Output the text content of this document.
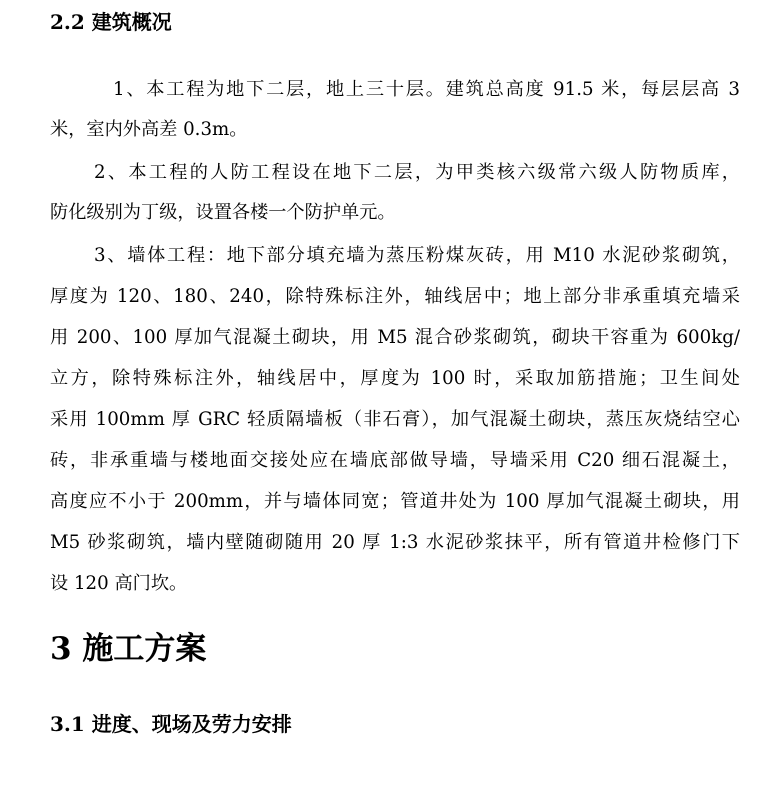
2.2 建筑概况
1、本工程为地下二层，地上三十层。建筑总高度 91.5 米，每层层高 3
米，室内外高差 0.3m。
2、本工程的人防工程设在地下二层，为甲类核六级常六级人防物质库，
防化级别为丁级，设置各楼一个防护单元。
3、墙体工程：地下部分填充墙为蒸压粉煤灰砖，用 M10 水泥砂浆砌筑，
厚度为 120、180、240，除特殊标注外，轴线居中；地上部分非承重填充墙采
用 200、100 厚加气混凝土砌块，用 M5 混合砂浆砌筑，砌块干容重为 600kg/
立方，除特殊标注外，轴线居中，厚度为 100 时，采取加筋措施；卫生间处
采用 100mm 厚 GRC 轻质隔墙板（非石膏），加气混凝土砌块，蒸压灰烧结空心
砖，非承重墙与楼地面交接处应在墙底部做导墙，导墙采用 C20 细石混凝土，
高度应不小于 200mm，并与墙体同宽；管道井处为 100 厚加气混凝土砌块，用
M5 砂浆砌筑，墙内壁随砌随用 20 厚 1:3 水泥砂浆抹平，所有管道井检修门下
设 120 高门坎。
3 施工方案
3.1 进度、现场及劳力安排
